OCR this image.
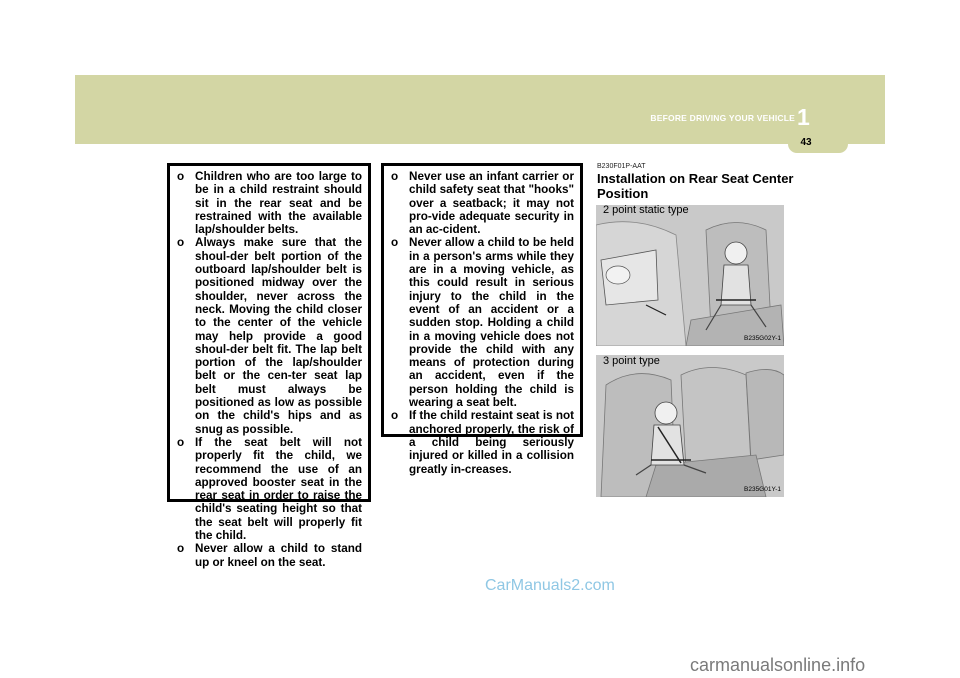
BEFORE DRIVING YOUR VEHICLE 1
43
o Children who are too large to be in a child restraint should sit in the rear seat and be restrained with the available lap/shoulder belts.
o Always make sure that the shoul-der belt portion of the outboard lap/shoulder belt is positioned midway over the shoulder, never across the neck. Moving the child closer to the center of the vehicle may help provide a good shoul-der belt fit. The lap belt portion of the lap/shoulder belt or the cen-ter seat lap belt must always be positioned as low as possible on the child's hips and as snug as possible.
o If the seat belt will not properly fit the child, we recommend the use of an approved booster seat in the rear seat in order to raise the child's seating height so that the seat belt will properly fit the child.
o Never allow a child to stand up or kneel on the seat.
o Never use an infant carrier or child safety seat that "hooks" over a seatback; it may not pro-vide adequate security in an ac-cident.
o Never allow a child to be held in a person's arms while they are in a moving vehicle, as this could result in serious injury to the child in the event of an accident or a sudden stop. Holding a child in a moving vehicle does not provide the child with any means of protection during an accident, even if the person holding the child is wearing a seat belt.
o If the child restaint seat is not anchored properly, the risk of a child being seriously injured or killed in a collision greatly in-creases.
B230F01P-AAT
Installation on Rear Seat Center Position
2 point static type
B235G02Y-1
3 point type
B235G01Y-1
CarManuals2.com
carmanualsonline.info
